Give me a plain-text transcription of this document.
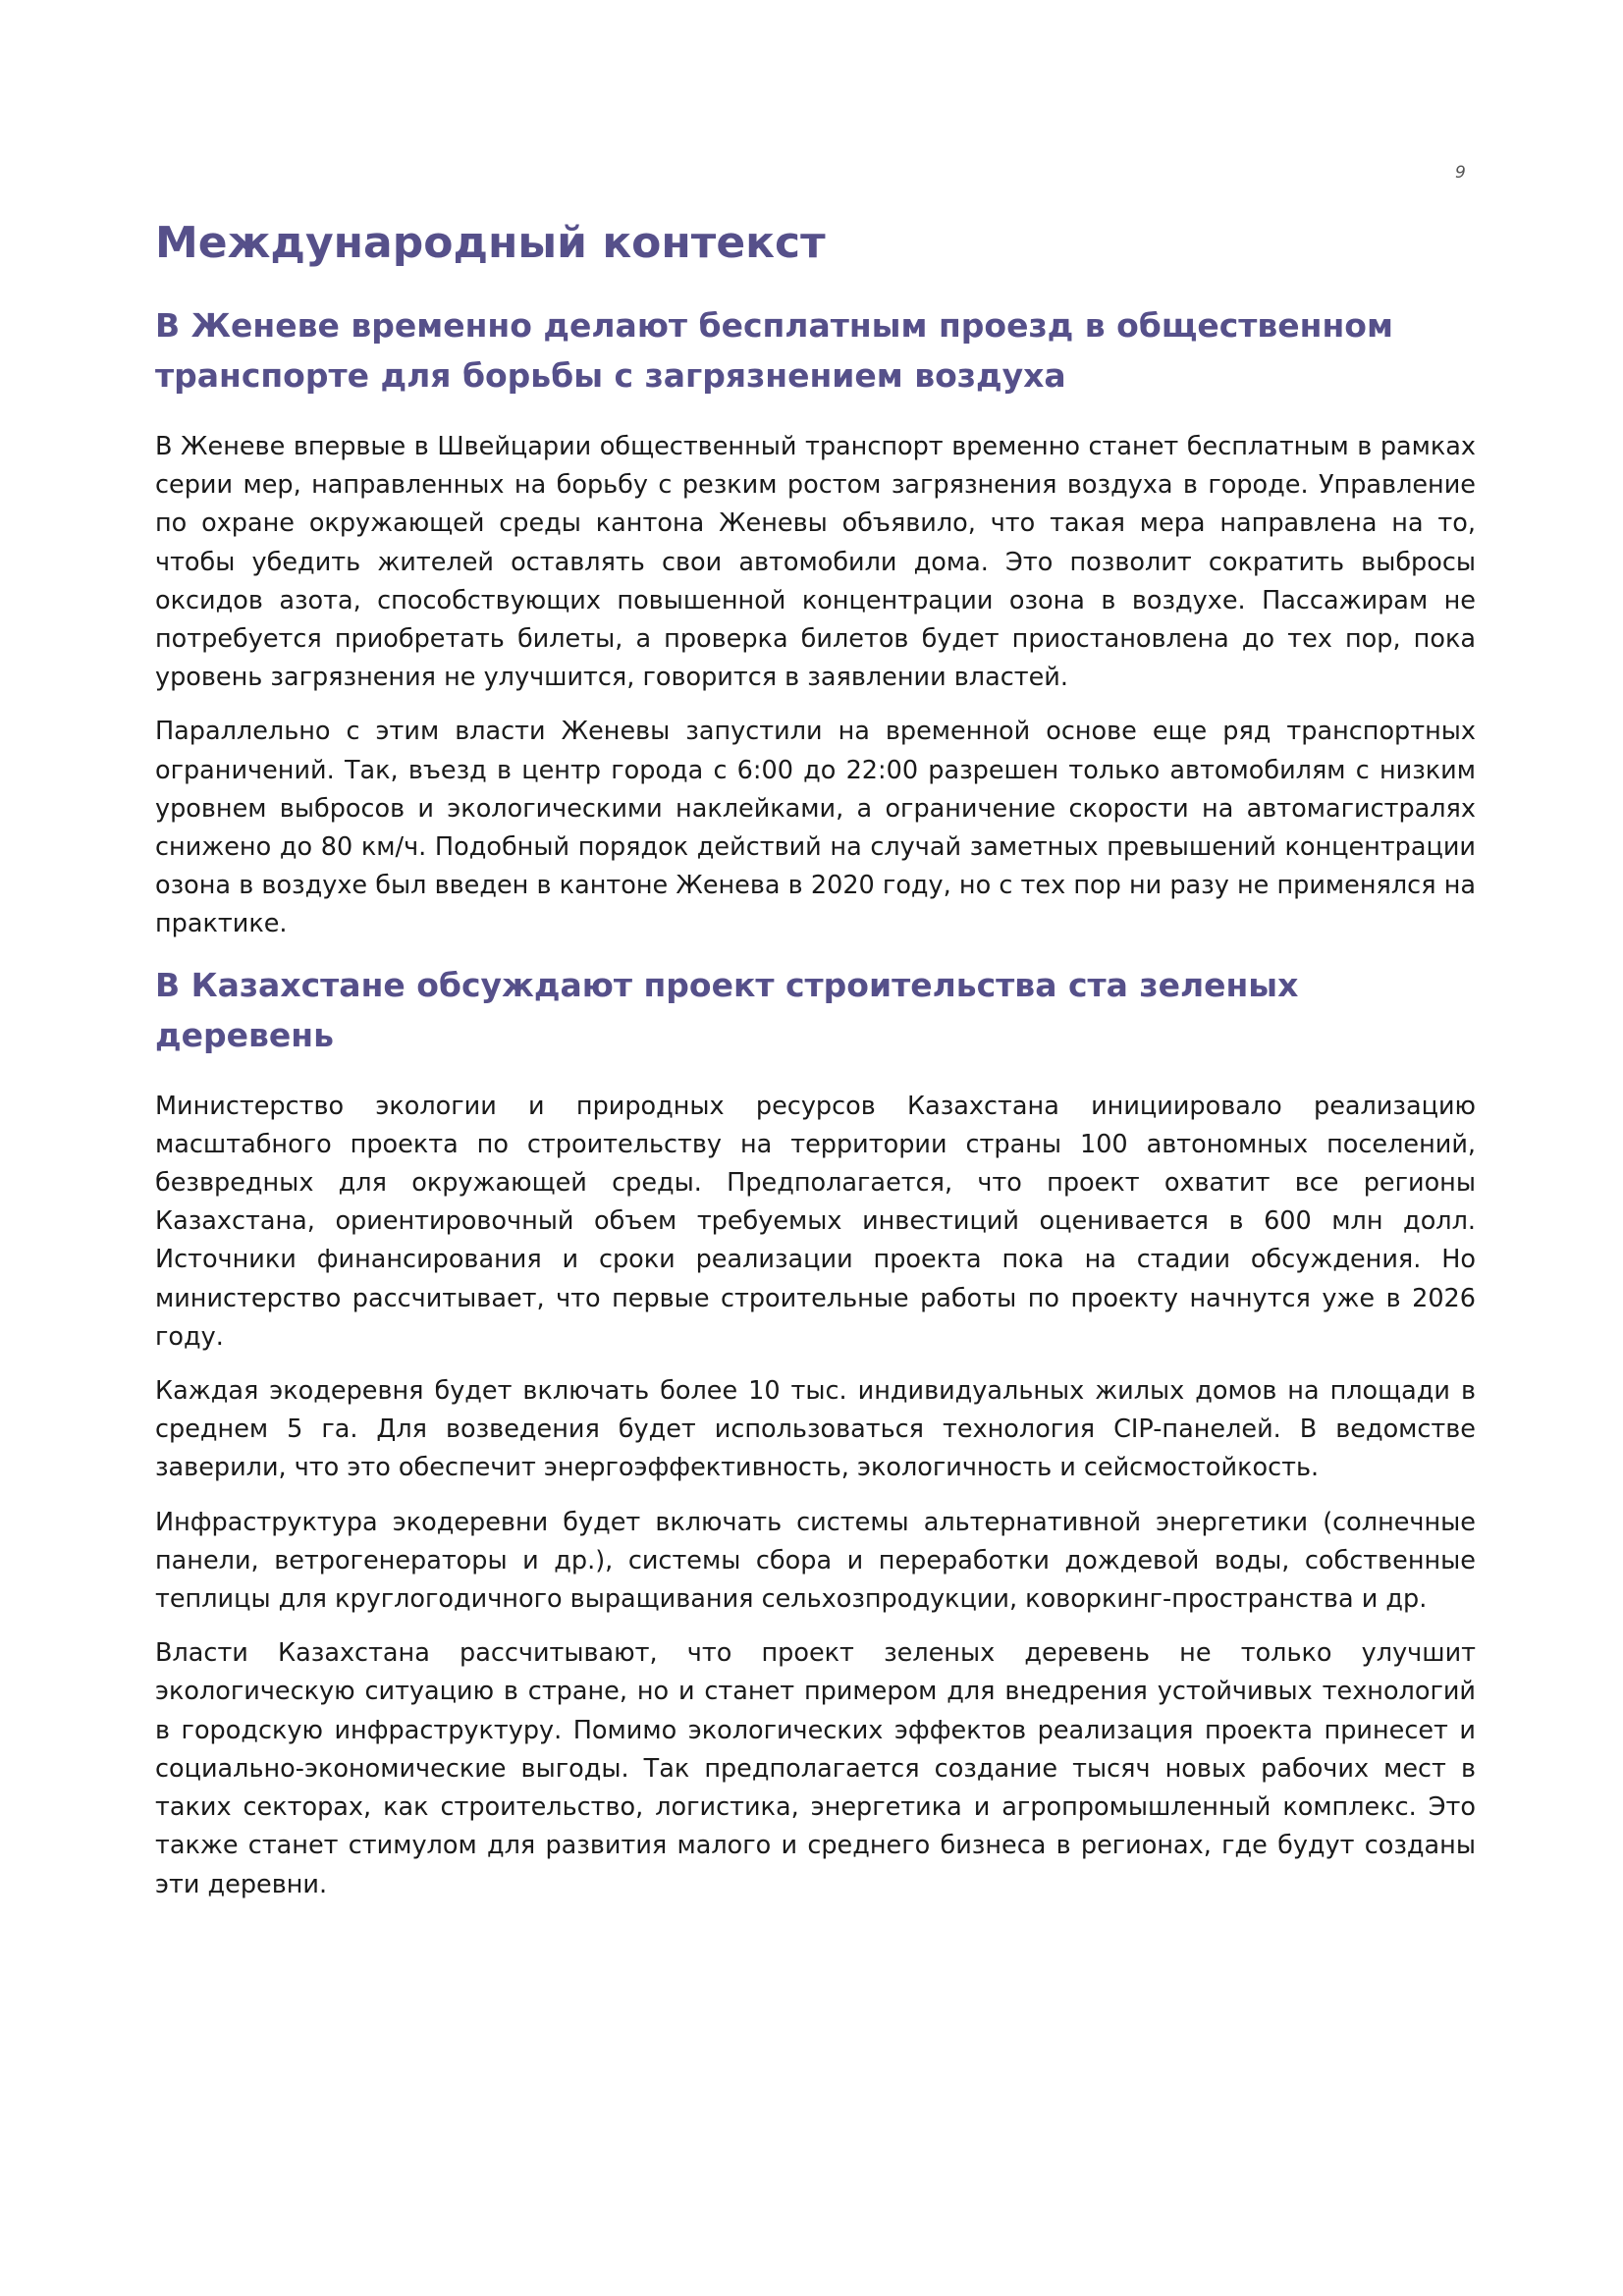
9
Международный контекст
В Женеве временно делают бесплатным проезд в общественном транспорте для борьбы с загрязнением воздуха

В Женеве впервые в Швейцарии общественный транспорт временно станет бесплатным в рамках серии мер, направленных на борьбу с резким ростом загрязнения воздуха в городе. Управление по охране окружающей среды кантона Женевы объявило, что такая мера направлена на то, чтобы убедить жителей оставлять свои автомобили дома. Это позволит сократить выбросы оксидов азота, способствующих повышенной концентрации озона в воздухе. Пассажирам не потребуется приобретать билеты, а проверка билетов будет приостановлена до тех пор, пока уровень загрязнения не улучшится, говорится в заявлении властей.

Параллельно с этим власти Женевы запустили на временной основе еще ряд транспортных ограничений. Так, въезд в центр города с 6:00 до 22:00 разрешен только автомобилям с низким уровнем выбросов и экологическими наклейками, а ограничение скорости на автомагистралях снижено до 80 км/ч. Подобный порядок действий на случай заметных превышений концентрации озона в воздухе был введен в кантоне Женева в 2020 году, но с тех пор ни разу не применялся на практике.

В Казахстане обсуждают проект строительства ста зеленых деревень

Министерство экологии и природных ресурсов Казахстана инициировало реализацию масштабного проекта по строительству на территории страны 100 автономных поселений, безвредных для окружающей среды. Предполагается, что проект охватит все регионы Казахстана, ориентировочный объем требуемых инвестиций оценивается в 600 млн долл. Источники финансирования и сроки реализации проекта пока на стадии обсуждения. Но министерство рассчитывает, что первые строительные работы по проекту начнутся уже в 2026 году.

Каждая экодеревня будет включать более 10 тыс. индивидуальных жилых домов на площади в среднем 5 га. Для возведения будет использоваться технология CIP-панелей. В ведомстве заверили, что это обеспечит энергоэффективность, экологичность и сейсмостойкость.

Инфраструктура экодеревни будет включать системы альтернативной энергетики (солнечные панели, ветрогенераторы и др.), системы сбора и переработки дождевой воды, собственные теплицы для круглогодичного выращивания сельхозпродукции, коворкинг-пространства и др.

Власти Казахстана рассчитывают, что проект зеленых деревень не только улучшит экологическую ситуацию в стране, но и станет примером для внедрения устойчивых технологий в городскую инфраструктуру. Помимо экологических эффектов реализация проекта принесет и социально-экономические выгоды. Так предполагается создание тысяч новых рабочих мест в таких секторах, как строительство, логистика, энергетика и агропромышленный комплекс. Это также станет стимулом для развития малого и среднего бизнеса в регионах, где будут созданы эти деревни.
